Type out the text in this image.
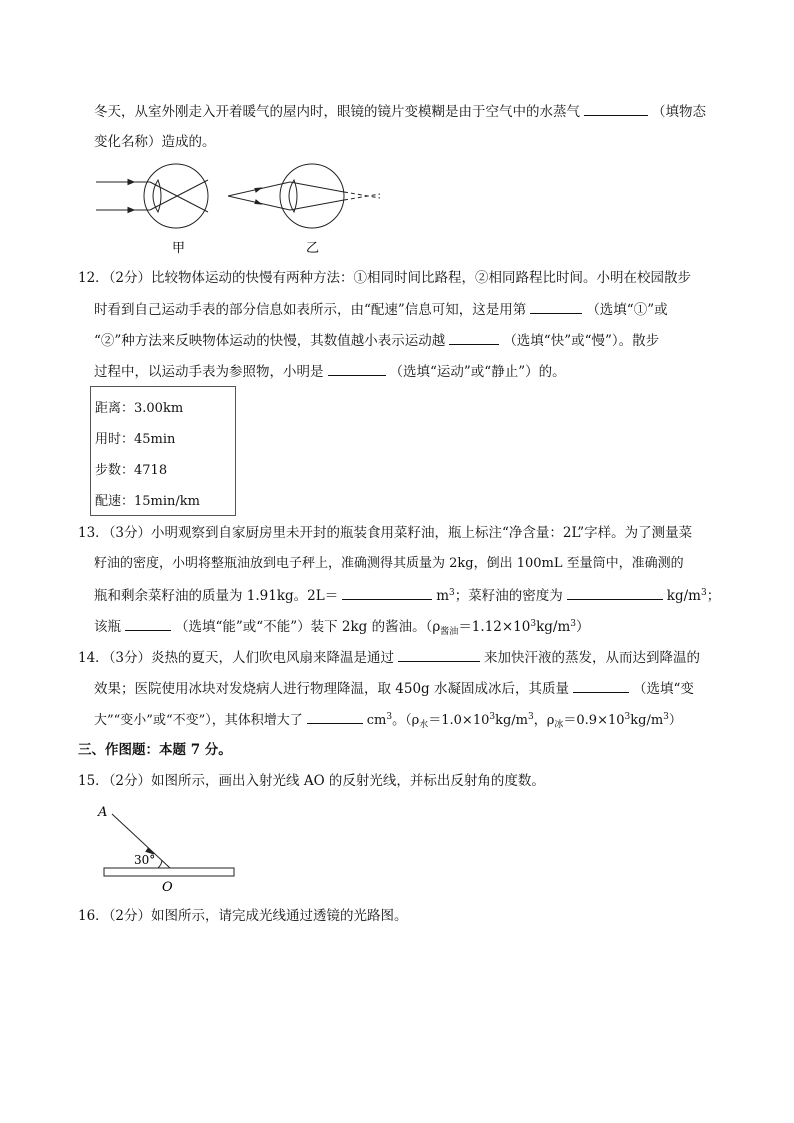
冬天，从室外刚走入开着暖气的屋内时，眼镜的镜片变模糊是由于空气中的水蒸气	（填物态
变化名称）造成的。
甲	乙
12．（2分）比较物体运动的快慢有两种方法：①相同时间比路程，②相同路程比时间。小明在校园散步
时看到自己运动手表的部分信息如表所示，由“配速”信息可知，这是用第	（选填“①”或
“②”种方法来反映物体运动的快慢，其数值越小表示运动越	（选填“快”或“慢”）。散步
过程中，以运动手表为参照物，小明是	（选填“运动”或“静止”）的。
距离：3.00km
用时：45min
步数：4718
配速：15min/km
13．（3分）小明观察到自家厨房里未开封的瓶装食用菜籽油，瓶上标注“净含量：2L”字样。为了测量菜
籽油的密度，小明将整瓶油放到电子秤上，准确测得其质量为 2kg，倒出 100mL 至量筒中，准确测的
瓶和剩余菜籽油的质量为 1.91kg。2L＝	$m^3$；菜籽油的密度为	$kg/m^3$；
该瓶	（选填“能”或“不能”）装下 2kg 的酱油。$(\rho_{酱油}=1.12\times 10^3kg/m^3)$
14．（3分）炎热的夏天，人们吹电风扇来降温是通过	来加快汗液的蒸发，从而达到降温的
效果；医院使用冰块对发烧病人进行物理降温，取 450g 水凝固成冰后，其质量	（选填“变
大”“变小”或“不变”），其体积增大了	$cm^3$。（$\rho_水=1.0\times 10^3kg/m^3$，$\rho_冰=0.9\times 10^3kg/m^3$）
三、作图题：本题 7 分。
15．（2分）如图所示，画出入射光线 AO 的反射光线，并标出反射角的度数。
A
30°
O
16．（2分）如图所示，请完成光线通过透镜的光路图。
